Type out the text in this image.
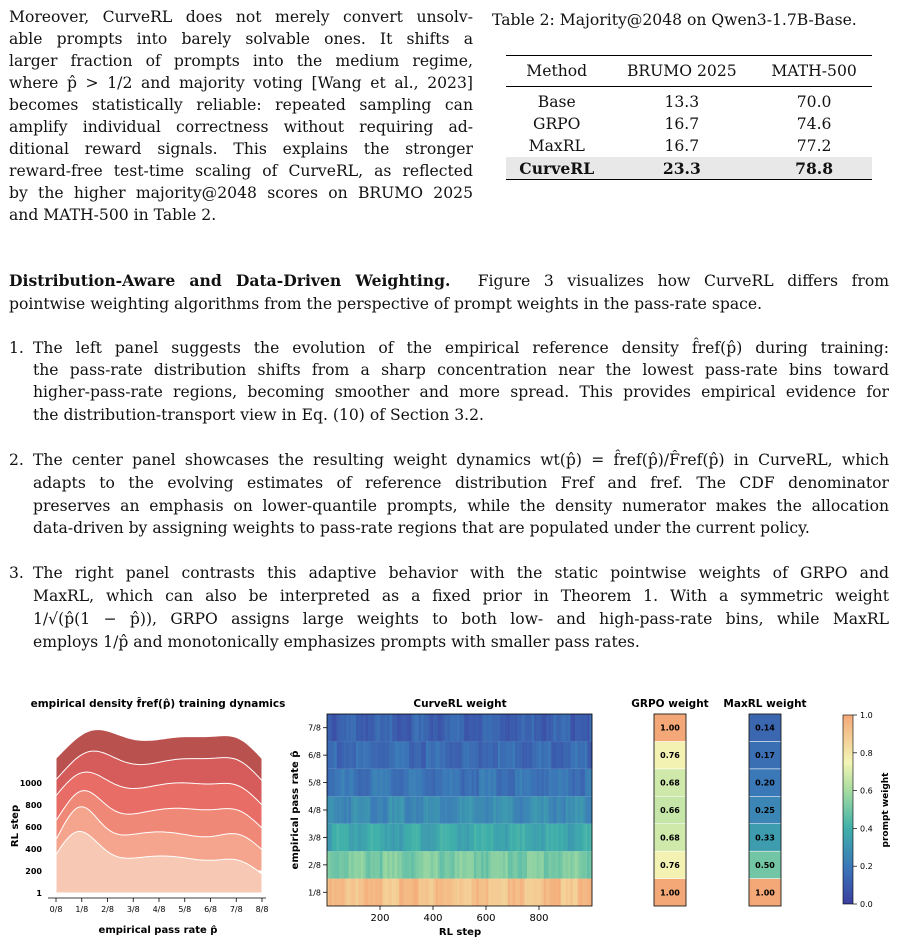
Moreover, CurveRL does not merely convert unsolv-
able prompts into barely solvable ones. It shifts a
larger fraction of prompts into the medium regime,
where p̂ > 1/2 and majority voting [Wang et al., 2023]
becomes statistically reliable: repeated sampling can
amplify individual correctness without requiring ad-
ditional reward signals. This explains the stronger
reward-free test-time scaling of CurveRL, as reflected
by the higher majority@2048 scores on BRUMO 2025
and MATH-500 in Table 2.
Table 2: Majority@2048 on Qwen3-1.7B-Base.
Method	BRUMO 2025	MATH-500
Base	13.3	70.0
GRPO	16.7	74.6
MaxRL	16.7	77.2
CurveRL	23.3	78.8
Distribution-Aware and Data-Driven Weighting. Figure 3 visualizes how CurveRL differs from
pointwise weighting algorithms from the perspective of prompt weights in the pass-rate space.
1. The left panel suggests the evolution of the empirical reference density f̂ref(p̂) during training:
the pass-rate distribution shifts from a sharp concentration near the lowest pass-rate bins toward
higher-pass-rate regions, becoming smoother and more spread. This provides empirical evidence for
the distribution-transport view in Eq. (10) of Section 3.2.
2. The center panel showcases the resulting weight dynamics wt(p̂) = f̂ref(p̂)/F̂ref(p̂) in CurveRL, which
adapts to the evolving estimates of reference distribution Fref and fref. The CDF denominator
preserves an emphasis on lower-quantile prompts, while the density numerator makes the allocation
data-driven by assigning weights to pass-rate regions that are populated under the current policy.
3. The right panel contrasts this adaptive behavior with the static pointwise weights of GRPO and
MaxRL, which can also be interpreted as a fixed prior in Theorem 1. With a symmetric weight
1/√(p̂(1 − p̂)), GRPO assigns large weights to both low- and high-pass-rate bins, while MaxRL
employs 1/p̂ and monotonically emphasizes prompts with smaller pass rates.
empirical density f̂ref(p̂) training dynamics
0/8 1/8 2/8 3/8 4/8 5/8 6/8 7/8 8/8
1
200
400
600
800
1000
empirical pass rate p̂
RL step
CurveRL weight
200	400	600	800
1/8
2/8
3/8
4/8
5/8
6/8
7/8
RL step
empirical pass rate p̂
GRPO weight MaxRL weight
1.00
0.76
0.68
0.66
0.68
0.76
1.00
1.00
0.50
0.33
0.25
0.20
0.17
0.14
0.0
0.2
0.4
0.6
0.8
1.0
prompt weight
